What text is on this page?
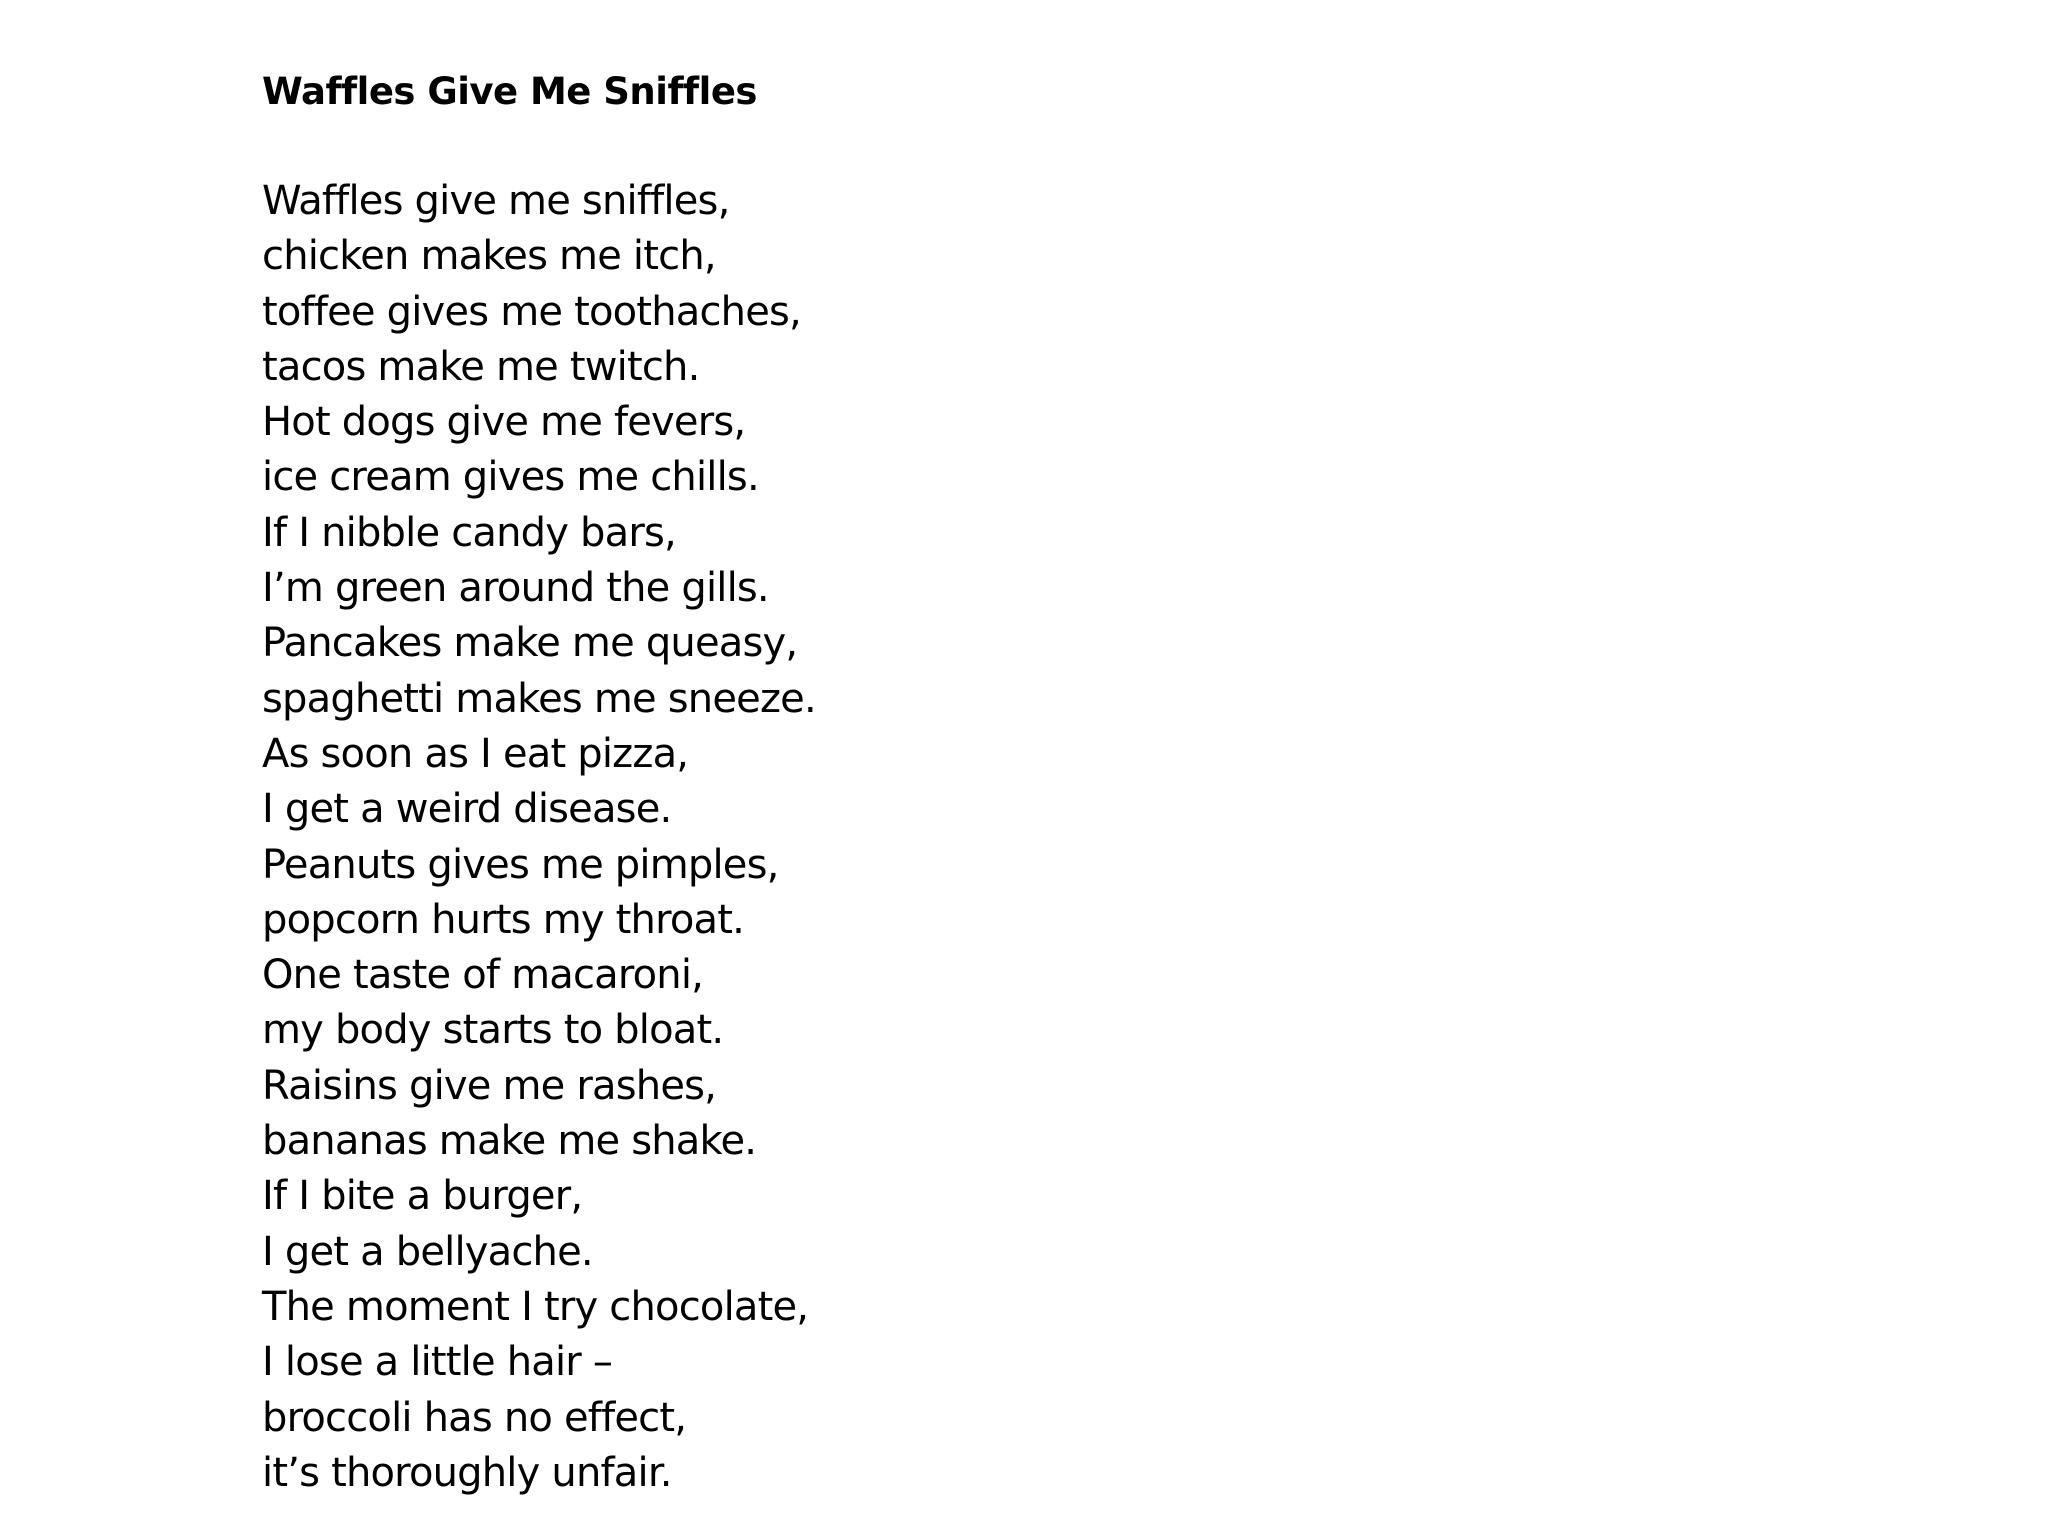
Waffles Give Me Sniffles
Waffles give me sniffles,
chicken makes me itch,
toffee gives me toothaches,
tacos make me twitch.
Hot dogs give me fevers,
ice cream gives me chills.
If I nibble candy bars,
I’m green around the gills.
Pancakes make me queasy,
spaghetti makes me sneeze.
As soon as I eat pizza,
I get a weird disease.
Peanuts gives me pimples,
popcorn hurts my throat.
One taste of macaroni,
my body starts to bloat.
Raisins give me rashes,
bananas make me shake.
If I bite a burger,
I get a bellyache.
The moment I try chocolate,
I lose a little hair –
broccoli has no effect,
it’s thoroughly unfair.
